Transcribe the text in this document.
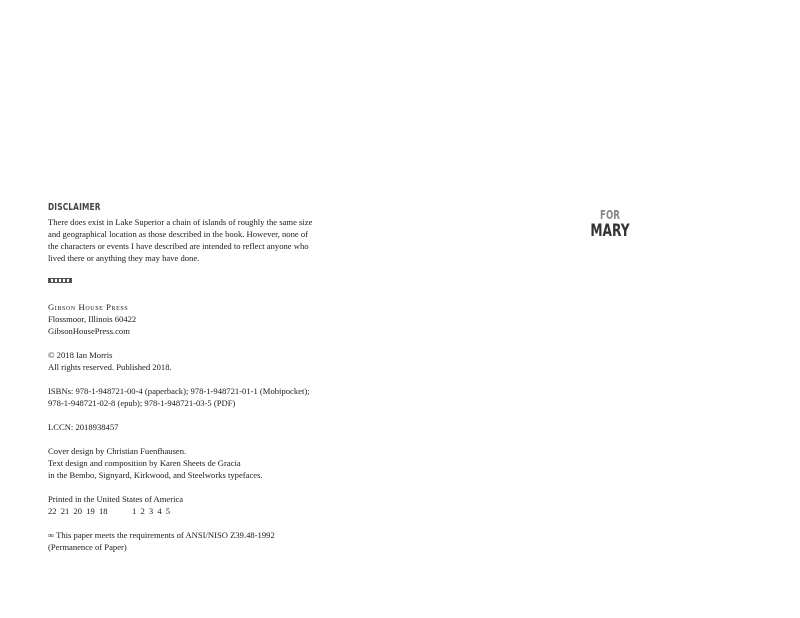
DISCLAIMER

There does exist in Lake Superior a chain of islands of roughly the same size

and geographical location as those described in the book. However, none of

the characters or events I have described are intended to reflect anyone who

lived there or anything they may have done.

Gibson House Press

Flossmoor, Illinois 60422

GibsonHousePress.com

© 2018 Ian Morris

All rights reserved. Published 2018.

ISBNs: 978-1-948721-00-4 (paperback); 978-1-948721-01-1 (Mobipocket);

978-1-948721-02-8 (epub); 978-1-948721-03-5 (PDF)

LCCN: 2018938457

Cover design by Christian Fuenfhausen.

Text design and composition by Karen Sheets de Gracia

in the Bembo, Signyard, Kirkwood, and Steelworks typefaces.

Printed in the United States of America

22 21 20 19 18	1 2 3 4 5

∞ This paper meets the requirements of ANSI/NISO Z39.48-1992

(Permanence of Paper)

FOR
MARY
